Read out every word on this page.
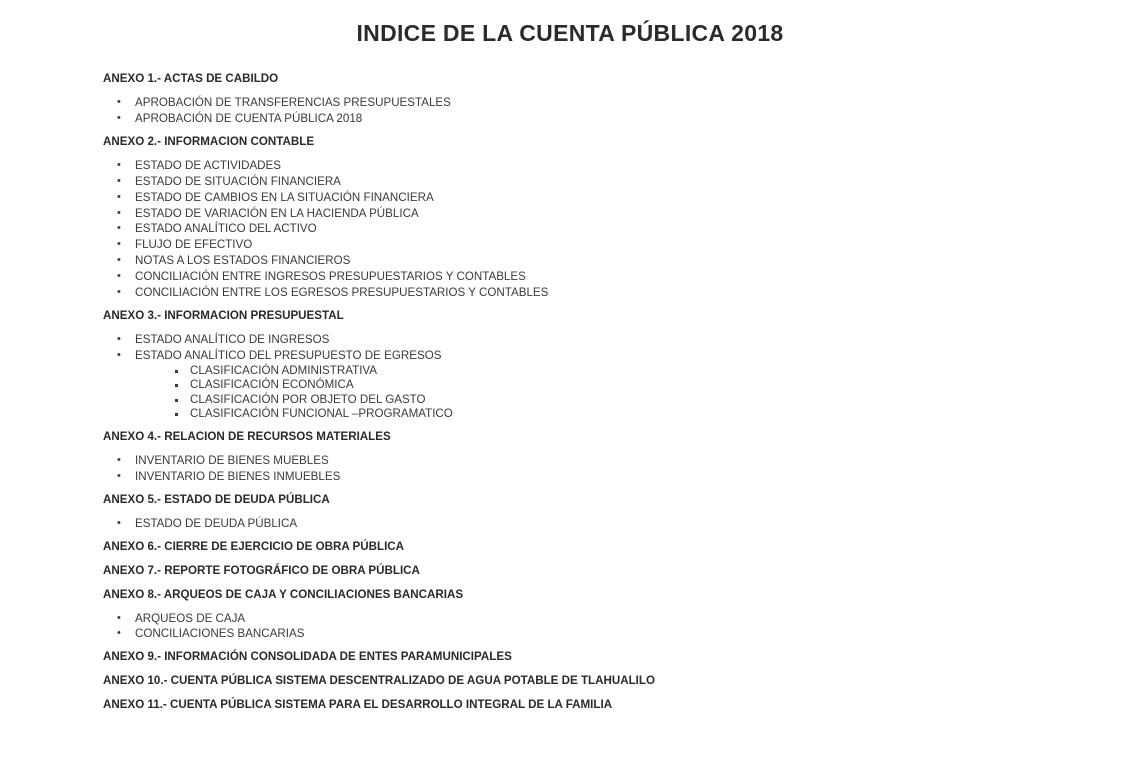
INDICE DE LA CUENTA PÚBLICA 2018
ANEXO 1.- ACTAS DE CABILDO
• APROBACIÓN DE TRANSFERENCIAS PRESUPUESTALES
• APROBACIÓN DE CUENTA PÚBLICA 2018
ANEXO 2.- INFORMACION CONTABLE
• ESTADO DE ACTIVIDADES
• ESTADO DE SITUACIÓN FINANCIERA
• ESTADO DE CAMBIOS EN LA SITUACIÓN FINANCIERA
• ESTADO DE VARIACIÓN EN LA HACIENDA PÚBLICA
• ESTADO ANALÍTICO DEL ACTIVO
• FLUJO DE EFECTIVO
• NOTAS A LOS ESTADOS FINANCIEROS
• CONCILIACIÓN ENTRE INGRESOS PRESUPUESTARIOS Y CONTABLES
• CONCILIACIÓN ENTRE LOS EGRESOS PRESUPUESTARIOS Y CONTABLES
ANEXO 3.- INFORMACION PRESUPUESTAL
• ESTADO ANALÍTICO DE INGRESOS
• ESTADO ANALÍTICO DEL PRESUPUESTO DE EGRESOS
CLASIFICACIÓN ADMINISTRATIVA
CLASIFICACIÓN ECONÓMICA
CLASIFICACIÓN POR OBJETO DEL GASTO
CLASIFICACIÓN FUNCIONAL –PROGRAMATICO
ANEXO 4.- RELACION DE RECURSOS MATERIALES
• INVENTARIO DE BIENES MUEBLES
• INVENTARIO DE BIENES INMUEBLES
ANEXO 5.- ESTADO DE DEUDA PÚBLICA
• ESTADO DE DEUDA PÚBLICA
ANEXO 6.- CIERRE DE EJERCICIO DE OBRA PÚBLICA
ANEXO 7.- REPORTE FOTOGRÁFICO DE OBRA PÚBLICA
ANEXO 8.- ARQUEOS DE CAJA Y CONCILIACIONES BANCARIAS
• ARQUEOS DE CAJA
• CONCILIACIONES BANCARIAS
ANEXO 9.- INFORMACIÓN CONSOLIDADA DE ENTES PARAMUNICIPALES
ANEXO 10.- CUENTA PÚBLICA SISTEMA DESCENTRALIZADO DE AGUA POTABLE DE TLAHUALILO
ANEXO 11.- CUENTA PÚBLICA SISTEMA PARA EL DESARROLLO INTEGRAL DE LA FAMILIA
